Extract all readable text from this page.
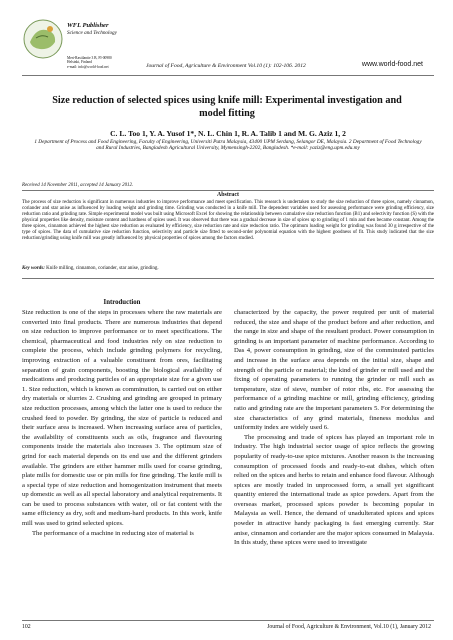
WFL Publisher
Science and Technology
Meri-Rastilantie 3 B, FI-00980
Helsinki, Finland
e-mail: info@world-food.net	Journal of Food, Agriculture & Environment Vol.10 (1): 102-106. 2012	www.world-food.net
Size reduction of selected spices using knife mill: Experimental investigation and model fitting
C. L. Too 1, Y. A. Yusof 1*, N. L. Chin 1, R. A. Talib 1 and M. G. Aziz 1, 2
1 Department of Process and Food Engineering, Faculty of Engineering, Universiti Putra Malaysia, 43400 UPM Serdang, Selangor DE, Malaysia. 2 Department of Food Technology and Rural Industries, Bangladesh Agricultural University, Mymensingh-2202, Bangladesh. *e-mail: yaziz@eng.upm.edu.my
Received 14 November 2011, accepted 14 January 2012.
Abstract
The process of size reduction is significant in numerous industries to improve performance and meet specification. This research is undertaken to study the size reduction of three spices, namely cinnamon, coriander and star anise as influenced by loading weight and grinding time. Grinding was conducted in a knife mill. The dependent variables used for assessing performance were grinding efficiency, size reduction ratio and grinding rate. Simple experimental model was built using Microsoft Excel for showing the relationship between cumulative size reduction function (B1) and selectivity function (S) with the physical properties like density, moisture content and hardness of spices used. It was observed that there was a gradual decrease in size of spices up to grinding of 1 min and then became constant. Among the three spices, cinnamon achieved the highest size reduction as evaluated by efficiency, size reduction rate and size reduction ratio. The optimum loading weight for grinding was found 30 g irrespective of the type of spices. The data of cumulative size reduction function, selectivity and particle size fitted to second-order polynomial equation with the highest goodness of fit. This study indicated that the size reduction/grinding using knife mill was greatly influenced by physical properties of spices among the factors studied.
Key words: Knife milling, cinnamon, coriander, star anise, grinding.
Introduction

Size reduction is one of the steps in processes where the raw materials are converted into final products. There are numerous industries that depend on size reduction to improve performance or to meet specifications. The chemical, pharmaceutical and food industries rely on size reduction to complete the process, which include grinding polymers for recycling, improving extraction of a valuable constituent from ores, facilitating separation of grain components, boosting the biological availability of medications and producing particles of an appropriate size for a given use 1. Size reduction, which is known as comminution, is carried out on either dry materials or slurries 2. Crushing and grinding are grouped in primary size reduction processes, among which the latter one is used to reduce the crushed feed to powder. By grinding, the size of particle is reduced and their surface area is increased. When increasing surface area of particles, the availability of constituents such as oils, fragrance and flavouring components inside the materials also increases 3. The optimum size of grind for each material depends on its end use and the different grinders available. The grinders are either hammer mills used for coarse grinding, plate mills for domestic use or pin mills for fine grinding. The knife mill is a special type of size reduction and homogenization instrument that meets up domestic as well as all special laboratory and analytical requirements. It can be used to process substances with water, oil or fat content with the same efficiency as dry, soft and medium-hard products. In this work, knife mill was used to grind selected spices.

The performance of a machine in reducing size of material is

characterized by the capacity, the power required per unit of material reduced, the size and shape of the product before and after reduction, and the range in size and shape of the resultant product. Power consumption in grinding is an important parameter of machine performance. According to Das 4, power consumption in grinding, size of the comminuted particles and increase in the surface area depends on the initial size, shape and strength of the particle or material; the kind of grinder or mill used and the fixing of operating parameters to running the grinder or mill such as temperature, size of sieve, number of rotor ribs, etc. For assessing the performance of a grinding machine or mill, grinding efficiency, grinding ratio and grinding rate are the important parameters 5. For determining the size characteristics of any grind materials, fineness modulus and uniformity index are widely used 6.

The processing and trade of spices has played an important role in industry. The high industrial sector usage of spice reflects the growing popularity of ready-to-use spice mixtures. Another reason is the increasing consumption of processed foods and ready-to-eat dishes, which often relied on the spices and herbs to retain and enhance food flavour. Although spices are mostly traded in unprocessed form, a small yet significant quantity entered the international trade as spice powders. Apart from the overseas market, processed spices powder is becoming popular in Malaysia as well. Hence, the demand of unadulterated spices and spices powder in attractive handy packaging is fast emerging currently. Star anise, cinnamon and coriander are the major spices consumed in Malaysia. In this study, these spices were used to investigate

102	Journal of Food, Agriculture & Environment, Vol.10 (1), January 2012
